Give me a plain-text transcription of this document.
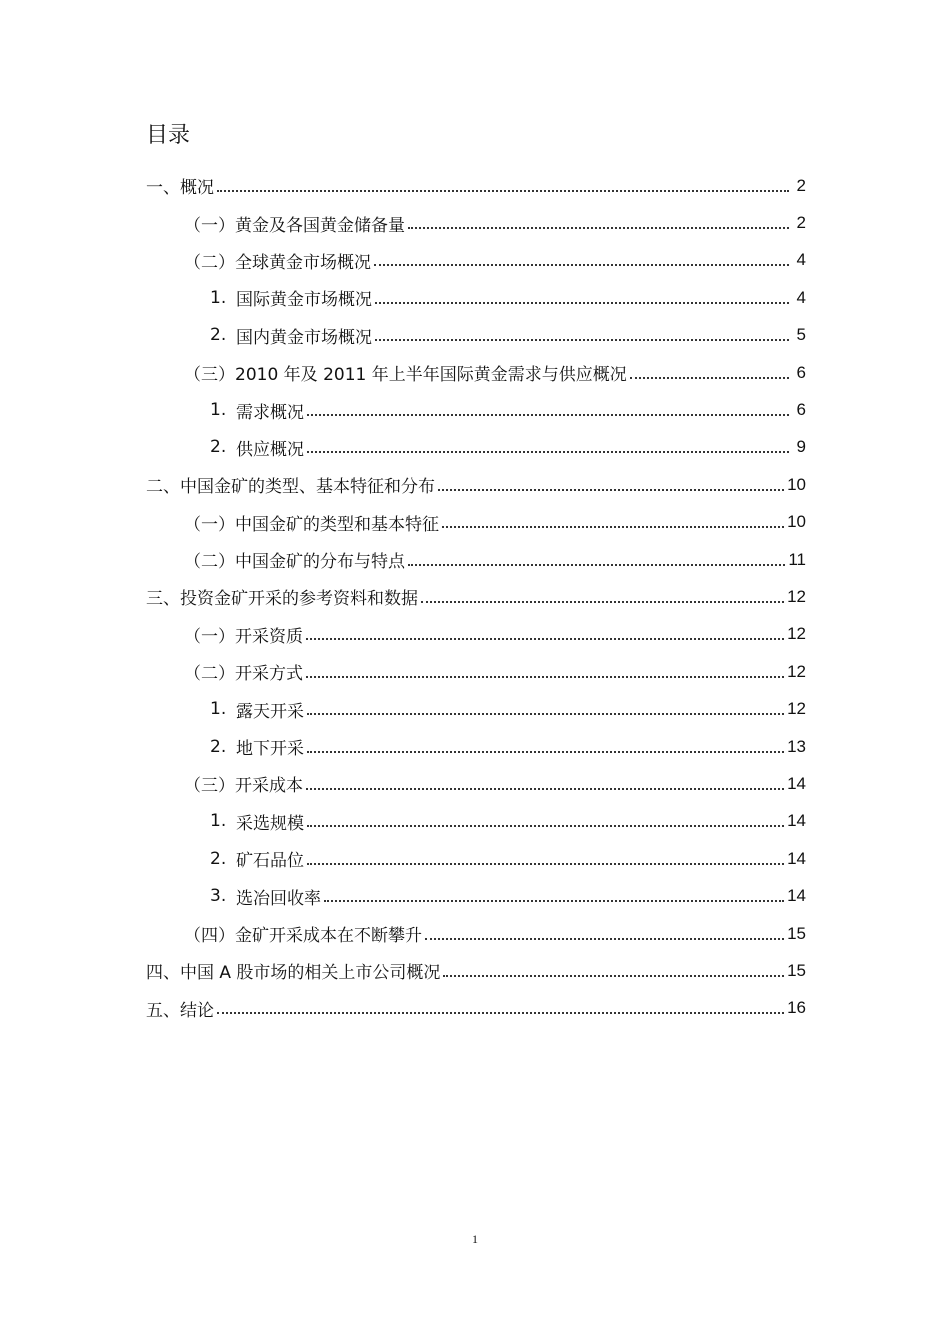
目录
一、概况	2
（一）黄金及各国黄金储备量	2
（二）全球黄金市场概况	4
1. 国际黄金市场概况	4
2. 国内黄金市场概况	5
（三）2010 年及 2011 年上半年国际黄金需求与供应概况	6
1. 需求概况	6
2. 供应概况	9
二、中国金矿的类型、基本特征和分布	10
（一）中国金矿的类型和基本特征	10
（二）中国金矿的分布与特点	11
三、投资金矿开采的参考资料和数据	12
（一）开采资质	12
（二）开采方式	12
1. 露天开采	12
2. 地下开采	13
（三）开采成本	14
1. 采选规模	14
2. 矿石品位	14
3. 选冶回收率	14
（四）金矿开采成本在不断攀升	15
四、中国 A 股市场的相关上市公司概况	15
五、结论	16
1
